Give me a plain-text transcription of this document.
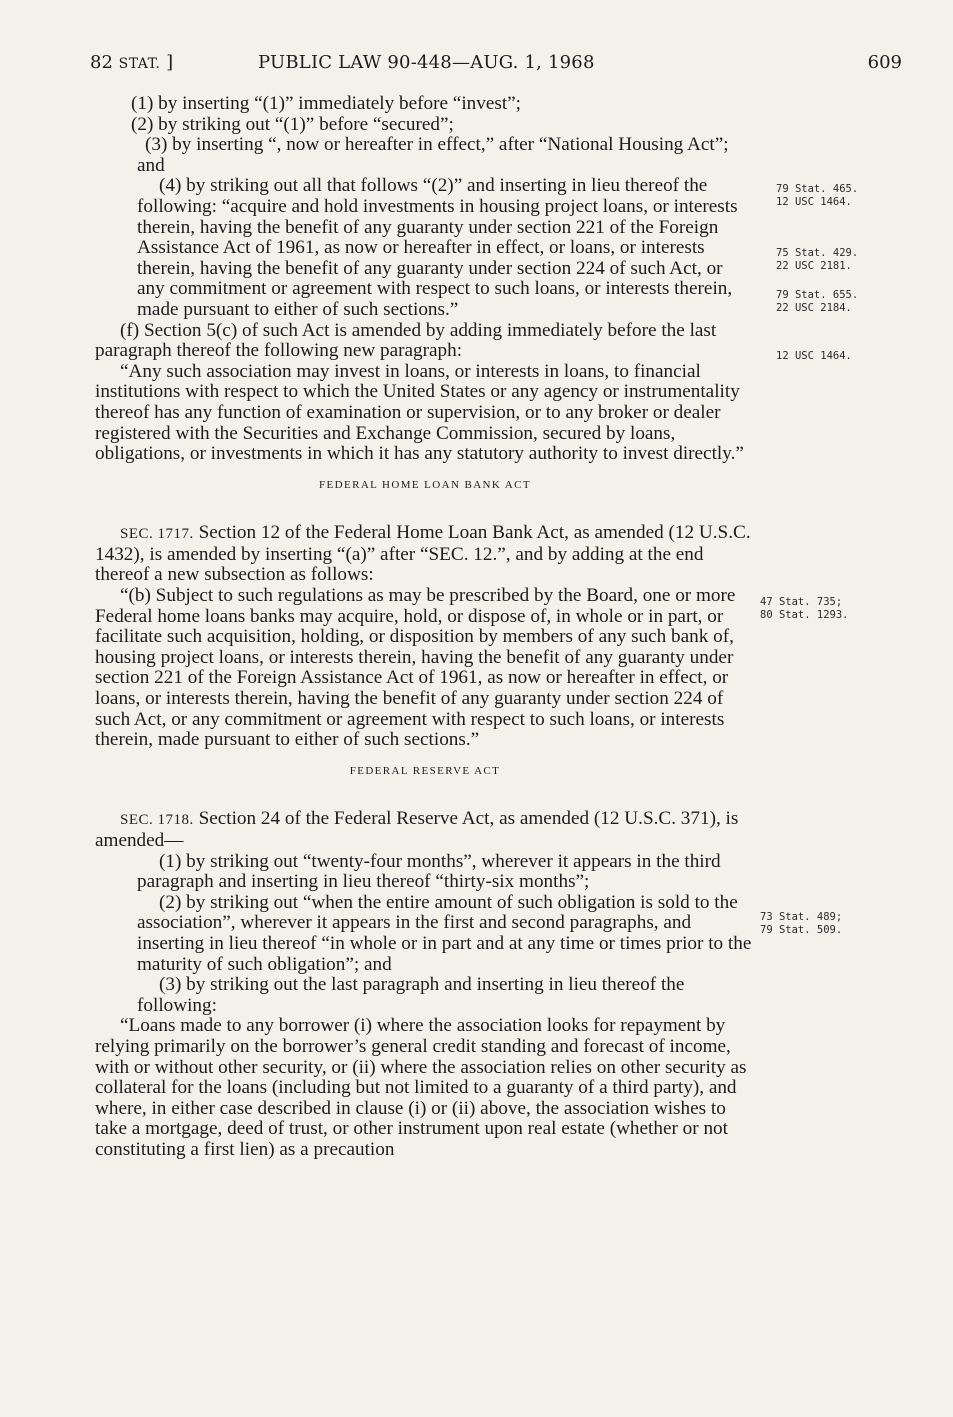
82 STAT. ]	PUBLIC LAW 90-448—AUG. 1, 1968	609

(1) by inserting “(1)” immediately before “invest”;

(2) by striking out “(1)” before “secured”;

(3) by inserting “, now or hereafter in effect,” after “National Housing Act”; and

(4) by striking out all that follows “(2)” and inserting in lieu thereof the following: “acquire and hold investments in housing project loans, or interests therein, having the benefit of any guaranty under section 221 of the Foreign Assistance Act of 1961, as now or hereafter in effect, or loans, or interests therein, having the benefit of any guaranty under section 224 of such Act, or any commitment or agreement with respect to such loans, or interests therein, made pursuant to either of such sections.”

(f) Section 5(c) of such Act is amended by adding immediately before the last paragraph thereof the following new paragraph:

“Any such association may invest in loans, or interests in loans, to financial institutions with respect to which the United States or any agency or instrumentality thereof has any function of examination or supervision, or to any broker or dealer registered with the Securities and Exchange Commission, secured by loans, obligations, or investments in which it has any statutory authority to invest directly.”

FEDERAL HOME LOAN BANK ACT

SEC. 1717. Section 12 of the Federal Home Loan Bank Act, as amended (12 U.S.C. 1432), is amended by inserting “(a)” after “SEC. 12.”, and by adding at the end thereof a new subsection as follows:

“(b) Subject to such regulations as may be prescribed by the Board, one or more Federal home loans banks may acquire, hold, or dispose of, in whole or in part, or facilitate such acquisition, holding, or disposition by members of any such bank of, housing project loans, or interests therein, having the benefit of any guaranty under section 221 of the Foreign Assistance Act of 1961, as now or hereafter in effect, or loans, or interests therein, having the benefit of any guaranty under section 224 of such Act, or any commitment or agreement with respect to such loans, or interests therein, made pursuant to either of such sections.”

FEDERAL RESERVE ACT

SEC. 1718. Section 24 of the Federal Reserve Act, as amended (12 U.S.C. 371), is amended—

(1) by striking out “twenty-four months”, wherever it appears in the third paragraph and inserting in lieu thereof “thirty-six months”;

(2) by striking out “when the entire amount of such obligation is sold to the association”, wherever it appears in the first and second paragraphs, and inserting in lieu thereof “in whole or in part and at any time or times prior to the maturity of such obligation”; and

(3) by striking out the last paragraph and inserting in lieu thereof the following:

“Loans made to any borrower (i) where the association looks for repayment by relying primarily on the borrower’s general credit standing and forecast of income, with or without other security, or (ii) where the association relies on other security as collateral for the loans (including but not limited to a guaranty of a third party), and where, in either case described in clause (i) or (ii) above, the association wishes to take a mortgage, deed of trust, or other instrument upon real estate (whether or not constituting a first lien) as a precaution

79 Stat. 465.
12 USC 1464.
75 Stat. 429.
22 USC 2181.
79 Stat. 655.
22 USC 2184.
12 USC 1464.
47 Stat. 735;
80 Stat. 1293.
73 Stat. 489;
79 Stat. 509.
